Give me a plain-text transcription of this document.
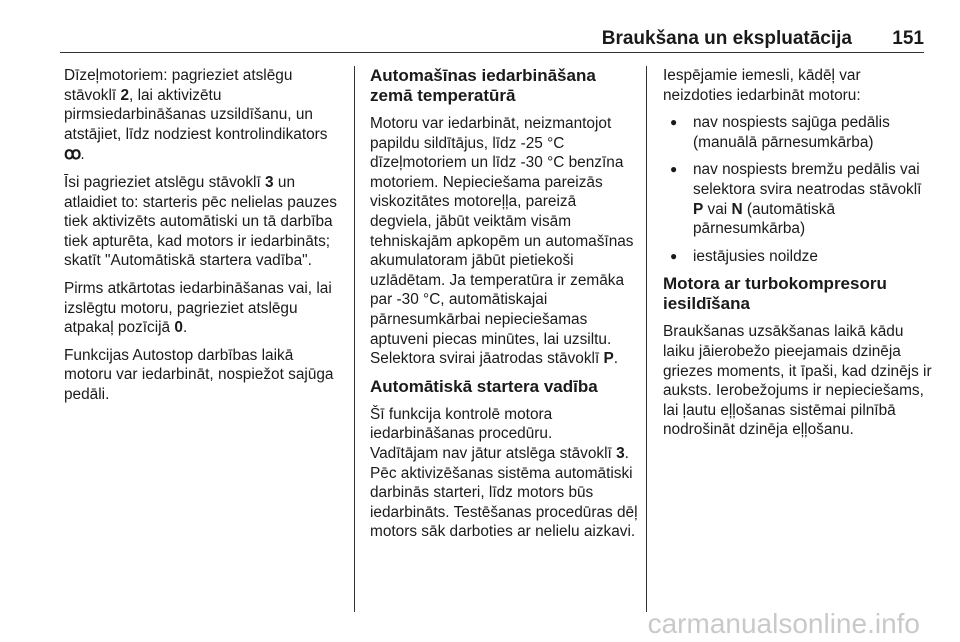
Braukšana un ekspluatācija 151

Dīzeļmotoriem: pagrieziet atslēgu stāvoklī 2, lai aktivizētu pirmsiedarbināšanas uzsildīšanu, un atstājiet, līdz nodziest kontrolindikators ꝏ.

Īsi pagrieziet atslēgu stāvoklī 3 un atlaidiet to: starteris pēc nelielas pauzes tiek aktivizēts automātiski un tā darbība tiek apturēta, kad motors ir iedarbināts; skatīt "Automātiskā startera vadība".

Pirms atkārtotas iedarbināšanas vai, lai izslēgtu motoru, pagrieziet atslēgu atpakaļ pozīcijā 0.

Funkcijas Autostop darbības laikā motoru var iedarbināt, nospiežot sajūga pedāli.

Automašīnas iedarbināšana zemā temperatūrā

Motoru var iedarbināt, neizmantojot papildu sildītājus, līdz -25 °C dīzeļmotoriem un līdz -30 °C benzīna motoriem. Nepieciešama pareizās viskozitātes motoreļļa, pareizā degviela, jābūt veiktām visām tehniskajām apkopēm un automašīnas akumulatoram jābūt pietiekoši uzlādētam. Ja temperatūra ir zemāka par -30 °C, automātiskajai pārnesumkārbai nepieciešamas aptuveni piecas minūtes, lai uzsiltu. Selektora svirai jāatrodas stāvoklī P.

Automātiskā startera vadība

Šī funkcija kontrolē motora iedarbināšanas procedūru.

Vadītājam nav jātur atslēga stāvoklī 3. Pēc aktivizēšanas sistēma automātiski darbinās starteri, līdz motors būs iedarbināts. Testēšanas procedūras dēļ motors sāk darboties ar nelielu aizkavi.

Iespējamie iemesli, kādēļ var neizdoties iedarbināt motoru:

● nav nospiests sajūga pedālis (manuālā pārnesumkārba)
● nav nospiests bremžu pedālis vai selektora svira neatrodas stāvoklī P vai N (automātiskā pārnesumkārba)
● iestājusies noildze
Motora ar turbokompresoru iesildīšana

Braukšanas uzsākšanas laikā kādu laiku jāierobežo pieejamais dzinēja griezes moments, it īpaši, kad dzinējs ir auksts. Ierobežojums ir nepieciešams, lai ļautu eļļošanas sistēmai pilnībā nodrošināt dzinēja eļļošanu.

carmanualsonline.info
